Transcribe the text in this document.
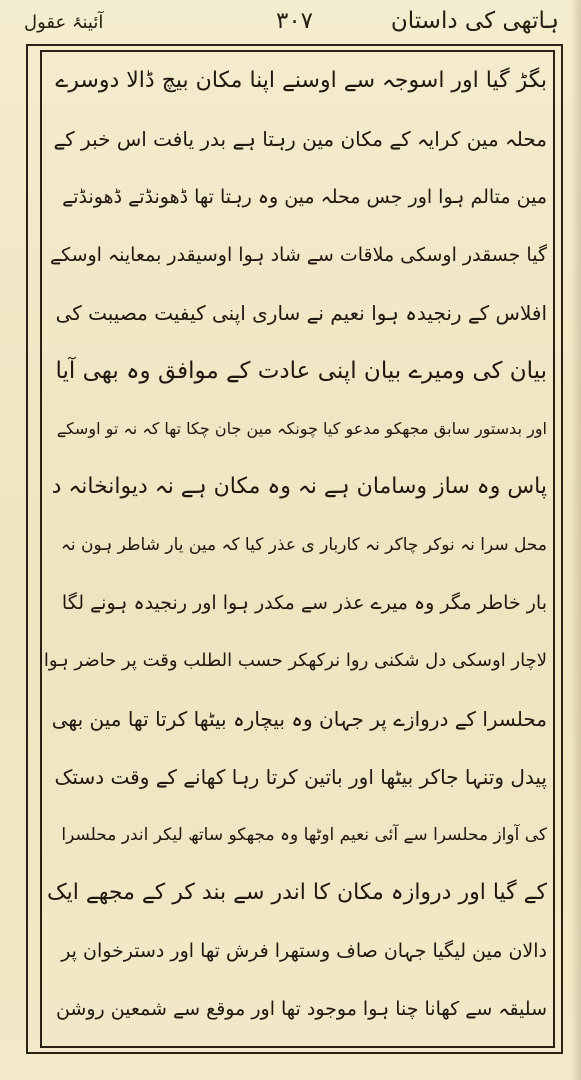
ہاتھی کی داستان
۳۰۷
آئینۂ عقول
بگڑ گیا اور اسوجہ سے اوسنے اپنا مکان بیچ ڈالا دوسرے
محلہ مین کرایہ کے مکان مین رہتا ہے بدر یافت اس خبر کے
مین متالم ہوا اور جس محلہ مین وہ رہتا تھا ڈھونڈتے ڈھونڈتے
گیا جسقدر اوسکی ملاقات سے شاد ہوا اوسیقدر بمعاینہ اوسکے
افلاس کے رنجیدہ ہوا نعیم نے ساری اپنی کیفیت مصیبت کی
بیان کی ومیرے بیان اپنی عادت کے موافق وہ بھی آیا
اور بدستور سابق مجھکو مدعو کیا چونکہ مین جان چکا تھا کہ نہ تو اوسکے
پاس وہ ساز وسامان ہے نہ وہ مکان ہے نہ دیوانخانہ د
محل سرا نہ نوکر چاکر نہ کاربار ی عذر کیا کہ مین یار شاطر ہون نہ
بار خاطر مگر وہ میرے عذر سے مکدر ہوا اور رنجیدہ ہونے لگا
لاچار اوسکی دل شکنی روا نرکھکر حسب الطلب وقت پر حاضر ہوا
محلسرا کے دروازے پر جہان وہ بیچارہ بیٹھا کرتا تھا مین بھی
پیدل وتنہا جاکر بیٹھا اور باتین کرتا رہا کھانے کے وقت دستک
کی آواز محلسرا سے آئی نعیم اوٹھا وہ مجھکو ساتھ لیکر اندر محلسرا
کے گیا اور دروازہ مکان کا اندر سے بند کر کے مجھے ایک
دالان مین لیگیا جہان صاف وستھرا فرش تھا اور دسترخوان پر
سلیقہ سے کھانا چنا ہوا موجود تھا اور موقع سے شمعین روشن
